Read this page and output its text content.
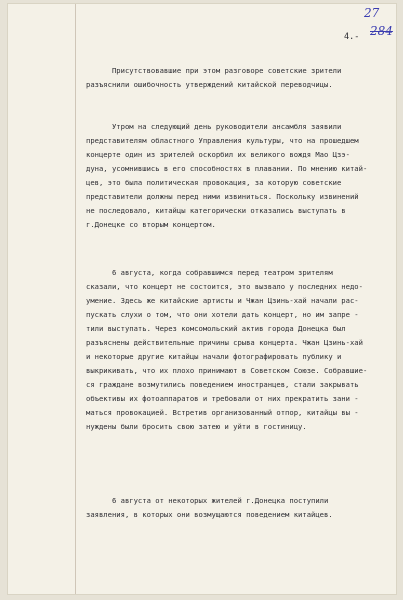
27
284
4.-
Присутствовавшие при этом разговоре советские зрители
разъяснили ошибочность утверждений китайской переводчицы.
Утром на следующий день руководители ансамбля заявили
представителям областного Управления культуры, что на прошедшем
концерте один из зрителей оскорбил их великого вождя Мао Цзэ-
дуна, усомнившись в его способностях в плавании. По мнению китай-
цев, это была политическая провокация, за которую советские
представители должны перед ними извиниться. Поскольку извинений
не последовало, китайцы категорически отказались выступать в
г.Донецке со вторым концертом.
6 августа, когда собравшимся перед театром зрителям
сказали, что концерт не состоится, это вызвало у последних недо-
умение. Здесь же китайские артисты и Чжан Цзинь-хай начали рас-
пускать слухи о том, что они хотели дать концерт, но им запре -
тили выступать. Через комсомольский актив города Донецка был
разъяснены действительные причины срыва концерта. Чжан Цзинь-хай
и некоторые другие китайцы начали фотографировать публику и
выкрикивать, что их плохо принимают в Советском Союзе. Собравшие-
ся граждане возмутились поведением иностранцев, стали закрывать
объективы их фотоаппаратов и требовали от них прекратить зани -
маться провокацией. Встретив организованный отпор, китайцы вы -
нуждены были бросить свою затею и уйти в гостиницу.
6 августа от некоторых жителей г.Донецка поступили
заявления, в которых они возмущаются поведением китайцев.
